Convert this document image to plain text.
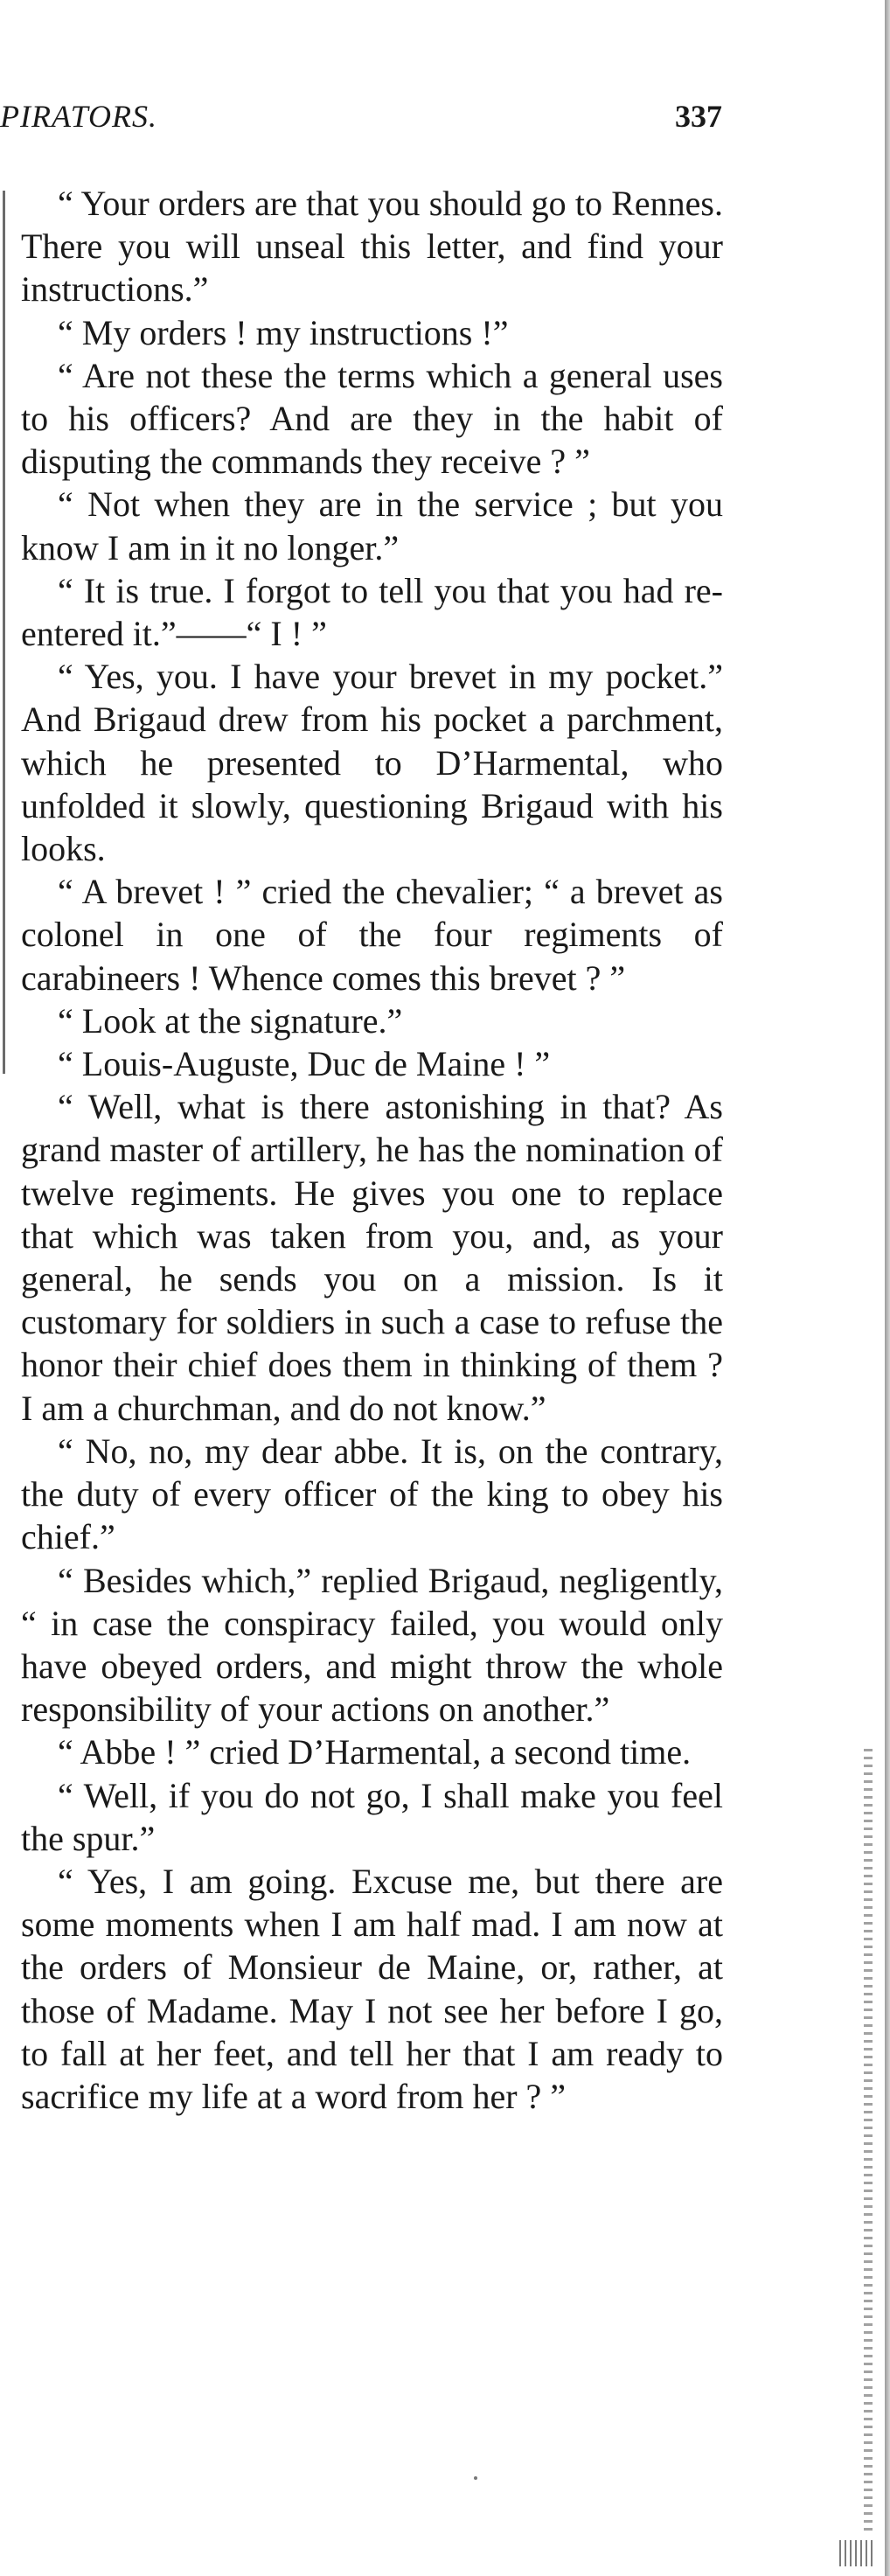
PIRATORS.	337

“ Your orders are that you should go to Rennes. There you will unseal this letter, and find your instructions.”

“ My orders ! my instructions !”

“ Are not these the terms which a general uses to his officers? And are they in the habit of disputing the commands they receive ? ”

“ Not when they are in the service ; but you know I am in it no longer.”

“ It is true. I forgot to tell you that you had re-entered it.”——“ I ! ”

“ Yes, you. I have your brevet in my pocket.” And Brigaud drew from his pocket a parchment, which he presented to D’Harmental, who unfolded it slowly, questioning Brigaud with his looks.

“ A brevet ! ” cried the chevalier; “ a brevet as colonel in one of the four regiments of carabineers ! Whence comes this brevet ? ”

“ Look at the signature.”

“ Louis-Auguste, Duc de Maine ! ”

“ Well, what is there astonishing in that? As grand master of artillery, he has the nomination of twelve regiments. He gives you one to replace that which was taken from you, and, as your general, he sends you on a mission. Is it customary for soldiers in such a case to refuse the honor their chief does them in thinking of them ? I am a churchman, and do not know.”

“ No, no, my dear abbe. It is, on the contrary, the duty of every officer of the king to obey his chief.”

“ Besides which,” replied Brigaud, negligently, “ in case the conspiracy failed, you would only have obeyed orders, and might throw the whole responsibility of your actions on another.”

“ Abbe ! ” cried D’Harmental, a second time.

“ Well, if you do not go, I shall make you feel the spur.”

“ Yes, I am going. Excuse me, but there are some moments when I am half mad. I am now at the orders of Monsieur de Maine, or, rather, at those of Madame. May I not see her before I go, to fall at her feet, and tell her that I am ready to sacrifice my life at a word from her ? ”
